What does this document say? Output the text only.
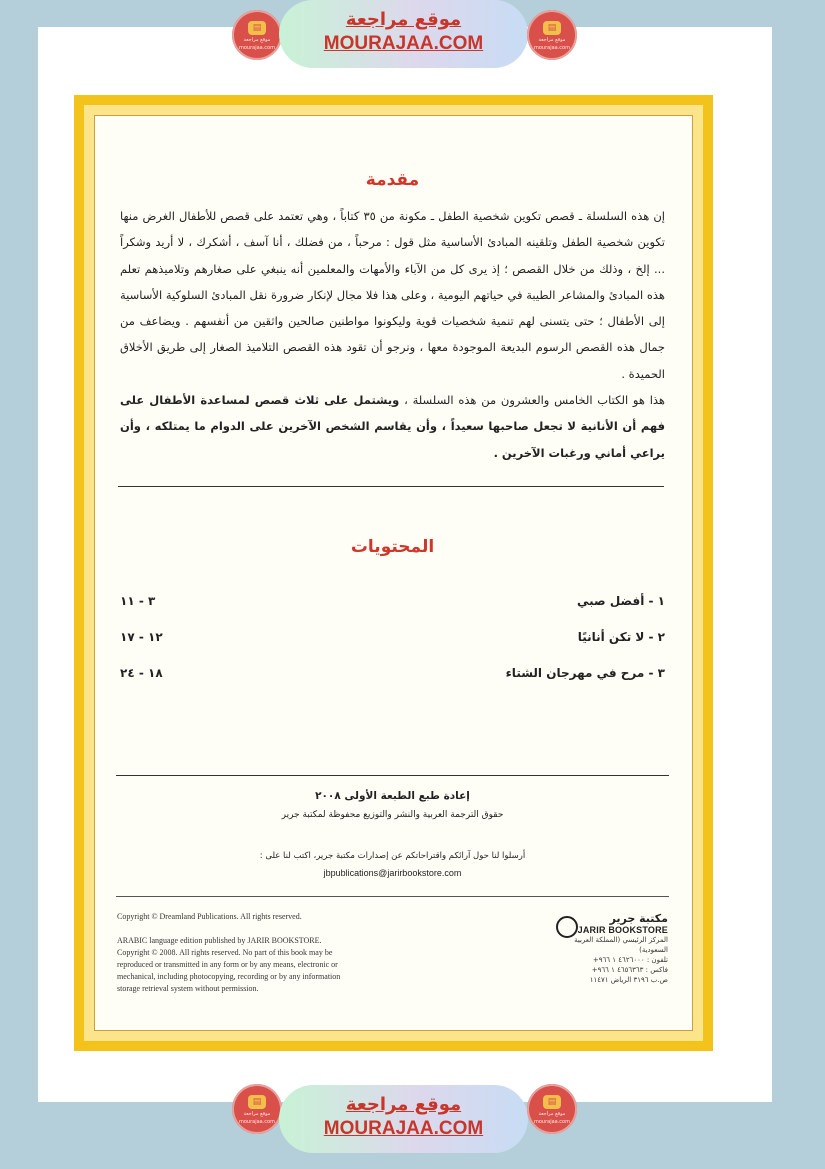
▤
موقع مراجعة
mourajaa.com
موقع مراجعة
MOURAJAA.COM
▤
موقع مراجعة
mourajaa.com
مقدمة

إن هذه السلسلة ـ قصص تكوين شخصية الطفل ـ مكونة من ٣٥ كتاباً ، وهي تعتمد على قصص للأطفال الغرض منها تكوين شخصية الطفل وتلقينه المبادئ الأساسية مثل قول : مرحباً ، من فضلك ، أنا آسف ، أشكرك ، لا أريد وشكراً ... إلخ ، وذلك من خلال القصص ؛ إذ يرى كل من الآباء والأمهات والمعلمين أنه ينبغي على صغارهم وتلاميذهم تعلم هذه المبادئ والمشاعر الطيبة في حياتهم اليومية ، وعلى هذا فلا مجال لإنكار ضرورة نقل المبادئ السلوكية الأساسية إلى الأطفال ؛ حتى يتسنى لهم تنمية شخصيات قوية وليكونوا مواطنين صالحين واثقين من أنفسهم . ويضاعف من جمال هذه القصص الرسوم البديعة الموجودة معها ، ونرجو أن تقود هذه القصص التلاميذ الصغار إلى طريق الأخلاق الحميدة .

هذا هو الكتاب الخامس والعشرون من هذه السلسلة ، ويشتمل على ثلاث قصص لمساعدة الأطفال على فهم أن الأنانية لا تجعل صاحبها سعيداً ، وأن يقاسم الشخص الآخرين على الدوام ما يمتلكه ، وأن يراعي أماني ورغبات الآخرين .

المحتويات
١ - أفضل صبي
٣ - ١١
٢ - لا تكن أنانيًا
١٢ - ١٧
٣ - مرح في مهرجان الشتاء
١٨ - ٢٤
إعادة طبع الطبعة الأولى ٢٠٠٨
حقوق الترجمة العربية والنشر والتوزيع محفوظة لمكتبة جرير
أرسلوا لنا حول آرائكم واقتراحاتكم عن إصدارات مكتبة جرير، اكتب لنا على :
jbpublications@jarirbookstore.com
Copyright © Dreamland Publications. All rights reserved.
ARABIC language edition published by JARIR BOOKSTORE.
Copyright © 2008. All rights reserved. No part of this book may be
reproduced or transmitted in any form or by any means, electronic or
mechanical, including photocopying, recording or by any information
storage retrieval system without permission.
مكتبة جرير
JARIR BOOKSTORE
المركز الرئيسي (المملكة العربية السعودية)
تلفون : ٤٦٢٦٠٠٠ ١ ٩٦٦+
فاكس : ٤٦٥٦٣٦٣ ١ ٩٦٦+
ص.ب ٣١٩٦ الرياض ١١٤٧١
▤
موقع مراجعة
mourajaa.com
موقع مراجعة
MOURAJAA.COM
▤
موقع مراجعة
mourajaa.com
